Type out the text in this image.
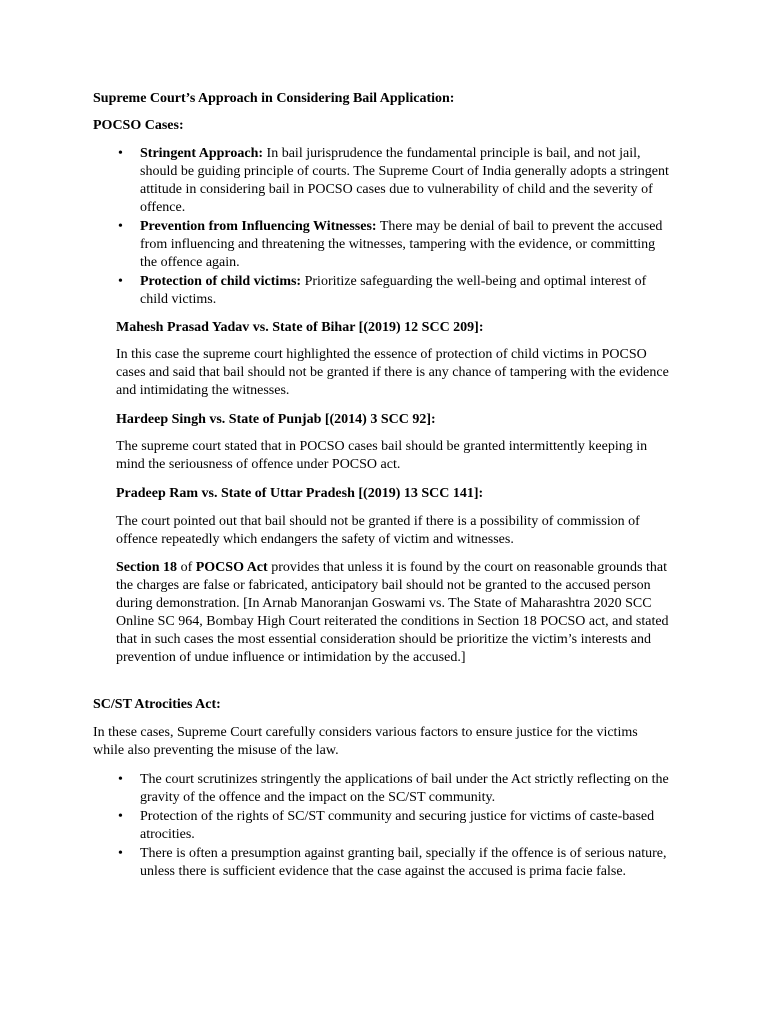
Supreme Court’s Approach in Considering Bail Application:

POCSO Cases:

• Stringent Approach: In bail jurisprudence the fundamental principle is bail, and not jail, should be guiding principle of courts. The Supreme Court of India generally adopts a stringent attitude in considering bail in POCSO cases due to vulnerability of child and the severity of offence.
• Prevention from Influencing Witnesses: There may be denial of bail to prevent the accused from influencing and threatening the witnesses, tampering with the evidence, or committing the offence again.
• Protection of child victims: Prioritize safeguarding the well-being and optimal interest of child victims.

Mahesh Prasad Yadav vs. State of Bihar [(2019) 12 SCC 209]:

In this case the supreme court highlighted the essence of protection of child victims in POCSO cases and said that bail should not be granted if there is any chance of tampering with the evidence and intimidating the witnesses.

Hardeep Singh vs. State of Punjab [(2014) 3 SCC 92]:

The supreme court stated that in POCSO cases bail should be granted intermittently keeping in mind the seriousness of offence under POCSO act.

Pradeep Ram vs. State of Uttar Pradesh [(2019) 13 SCC 141]:

The court pointed out that bail should not be granted if there is a possibility of commission of offence repeatedly which endangers the safety of victim and witnesses.

Section 18 of POCSO Act provides that unless it is found by the court on reasonable grounds that the charges are false or fabricated, anticipatory bail should not be granted to the accused person during demonstration. [In Arnab Manoranjan Goswami vs. The State of Maharashtra 2020 SCC Online SC 964, Bombay High Court reiterated the conditions in Section 18 POCSO act, and stated that in such cases the most essential consideration should be prioritize the victim’s interests and prevention of undue influence or intimidation by the accused.]

SC/ST Atrocities Act:

In these cases, Supreme Court carefully considers various factors to ensure justice for the victims while also preventing the misuse of the law.

• The court scrutinizes stringently the applications of bail under the Act strictly reflecting on the gravity of the offence and the impact on the SC/ST community.
• Protection of the rights of SC/ST community and securing justice for victims of caste-based atrocities.
• There is often a presumption against granting bail, specially if the offence is of serious nature, unless there is sufficient evidence that the case against the accused is prima facie false.
